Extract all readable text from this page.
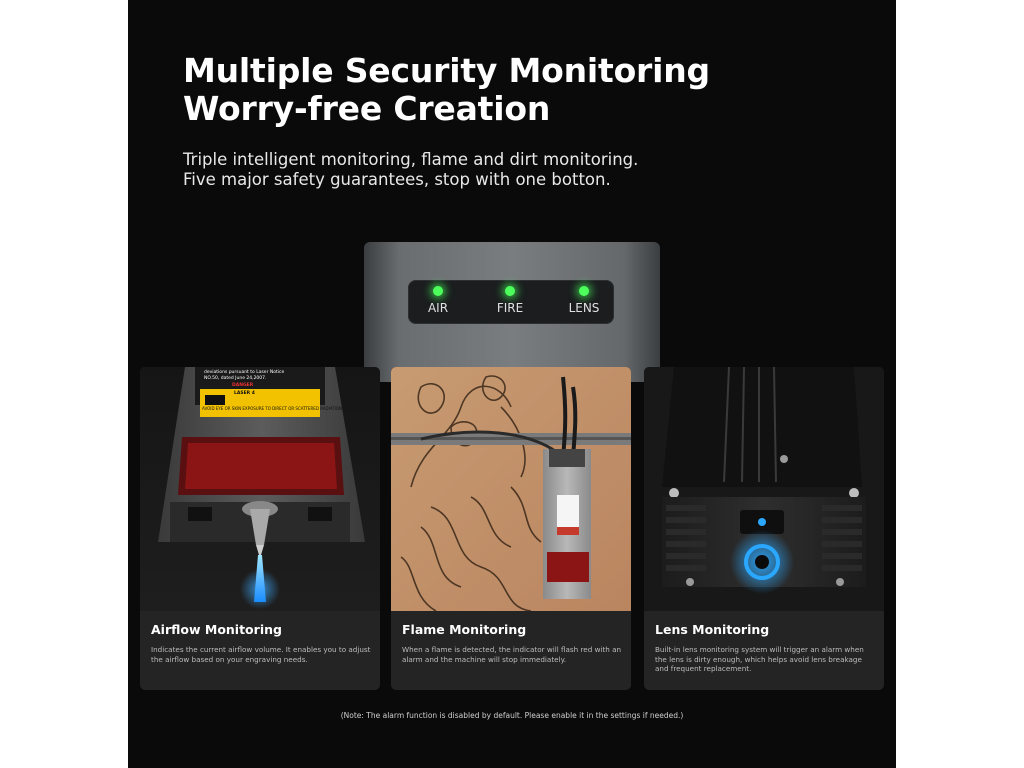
Multiple Security Monitoring
Worry-free Creation
Triple intelligent monitoring, flame and dirt monitoring.
Five major safety guarantees, stop with one botton.
AIR	FIRE	LENS
deviations pursuant to Laser Notice
NO.50, dated June 24,2007.
DANGER
LASER 4
AVOID EYE OR SKIN EXPOSURE TO DIRECT OR SCATTERED RADIATION
Airflow Monitoring
Indicates the current airflow volume. It enables you to adjust the airflow based on your engraving needs.
Flame Monitoring
When a flame is detected, the indicator will flash red with an alarm and the machine will stop immediately.
Lens Monitoring
Built-in lens monitoring system will trigger an alarm when the lens is dirty enough, which helps avoid lens breakage and frequent replacement.
(Note: The alarm function is disabled by default. Please enable it in the settings if needed.)
